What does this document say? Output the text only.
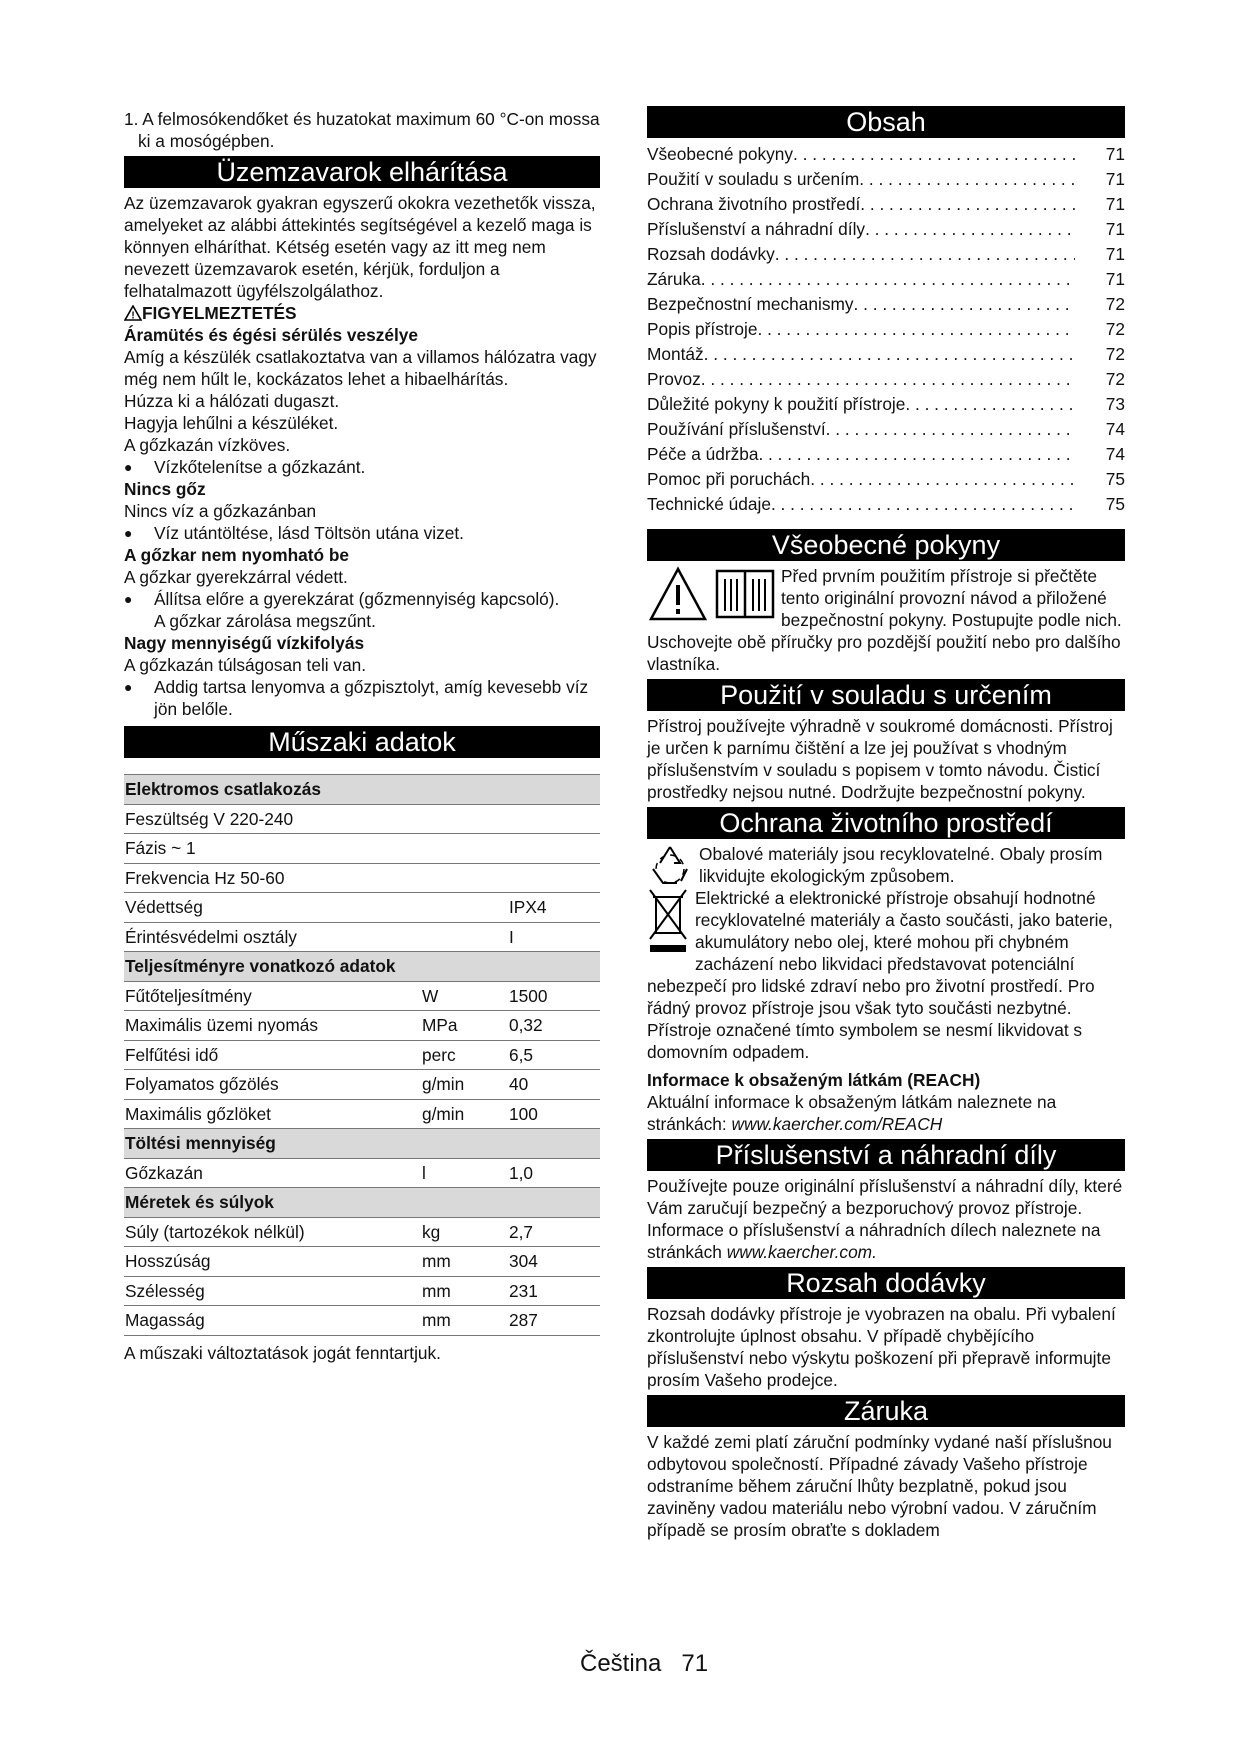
1. A felmosókendőket és huzatokat maximum 60 °C-on mossa ki a mosógépben.

Üzemzavarok elhárítása

Az üzemzavarok gyakran egyszerű okokra vezethetők vissza, amelyeket az alábbi áttekintés segítségével a kezelő maga is könnyen elháríthat. Kétség esetén vagy az itt meg nem nevezett üzemzavarok esetén, kérjük, forduljon a felhatalmazott ügyfélszolgálathoz.

! FIGYELMEZTETÉS

Áramütés és égési sérülés veszélye

Amíg a készülék csatlakoztatva van a villamos hálózatra vagy még nem hűlt le, kockázatos lehet a hibaelhárítás.

Húzza ki a hálózati dugaszt.

Hagyja lehűlni a készüléket.

A gőzkazán vízköves.

● Vízkőtelenítse a gőzkazánt.

Nincs gőz

Nincs víz a gőzkazánban

● Víz utántöltése, lásd Töltsön utána vizet.

A gőzkar nem nyomható be

A gőzkar gyerekzárral védett.

● Állítsa előre a gyerekzárat (gőzmennyiség kapcsoló).

A gőzkar zárolása megszűnt.

Nagy mennyiségű vízkifolyás

A gőzkazán túlságosan teli van.

● Addig tartsa lenyomva a gőzpisztolyt, amíg kevesebb víz jön belőle.

Műszaki adatok
Elektromos csatlakozás		
Feszültség V 220-240		
Fázis ~ 1		
Frekvencia Hz 50-60		
Védettség		IPX4
Érintésvédelmi osztály		I
Teljesítményre vonatkozó adatok		
Fűtőteljesítmény	W	1500
Maximális üzemi nyomás	MPa	0,32
Felfűtési idő	perc	6,5
Folyamatos gőzölés	g/min	40
Maximális gőzlöket	g/min	100
Töltési mennyiség		
Gőzkazán	l	1,0
Méretek és súlyok		
Súly (tartozékok nélkül)	kg	2,7
Hosszúság	mm	304
Szélesség	mm	231
Magasság	mm	287

A műszaki változtatások jogát fenntartjuk.

Obsah
Všeobecné pokyny . . .	71
Použití v souladu s určením . . .	71
Ochrana životního prostředí . . .	71
Příslušenství a náhradní díly . . .	71
Rozsah dodávky . . .	71
Záruka . . .	71
Bezpečnostní mechanismy . . .	72
Popis přístroje . . .	72
Montáž . . .	72
Provoz . . .	72
Důležité pokyny k použití přístroje . . .	73
Používání příslušenství . . .	74
Péče a údržba . . .	74
Pomoc při poruchách . . .	75
Technické údaje . . .	75
Všeobecné pokyny

Před prvním použitím přístroje si přečtěte tento originální provozní návod a přiložené bezpečnostní pokyny. Postupujte podle nich.

Uschovejte obě příručky pro pozdější použití nebo pro dalšího vlastníka.

Použití v souladu s určením

Přístroj používejte výhradně v soukromé domácnosti. Přístroj je určen k parnímu čištění a lze jej používat s vhodným příslušenstvím v souladu s popisem v tomto návodu. Čisticí prostředky nejsou nutné. Dodržujte bezpečnostní pokyny.

Ochrana životního prostředí

Obalové materiály jsou recyklovatelné. Obaly prosím likvidujte ekologickým způsobem.

Elektrické a elektronické přístroje obsahují hodnotné recyklovatelné materiály a často součásti, jako baterie, akumulátory nebo olej, které mohou při chybném zacházení nebo likvidaci představovat potenciální nebezpečí pro lidské zdraví nebo pro životní prostředí. Pro řádný provoz přístroje jsou však tyto součásti nezbytné. Přístroje označené tímto symbolem se nesmí likvidovat s domovním odpadem.

Informace k obsaženým látkám (REACH)

Aktuální informace k obsaženým látkám naleznete na stránkách: www.kaercher.com/REACH

Příslušenství a náhradní díly

Používejte pouze originální příslušenství a náhradní díly, které Vám zaručují bezpečný a bezporuchový provoz přístroje.

Informace o příslušenství a náhradních dílech naleznete na stránkách www.kaercher.com.

Rozsah dodávky

Rozsah dodávky přístroje je vyobrazen na obalu. Při vybalení zkontrolujte úplnost obsahu. V případě chybějícího příslušenství nebo výskytu poškození při přepravě informujte prosím Vašeho prodejce.

Záruka

V každé zemi platí záruční podmínky vydané naší příslušnou odbytovou společností. Případné závady Vašeho přístroje odstraníme během záruční lhůty bezplatně, pokud jsou zaviněny vadou materiálu nebo výrobní vadou. V záručním případě se prosím obraťte s dokladem

Čeština 71
